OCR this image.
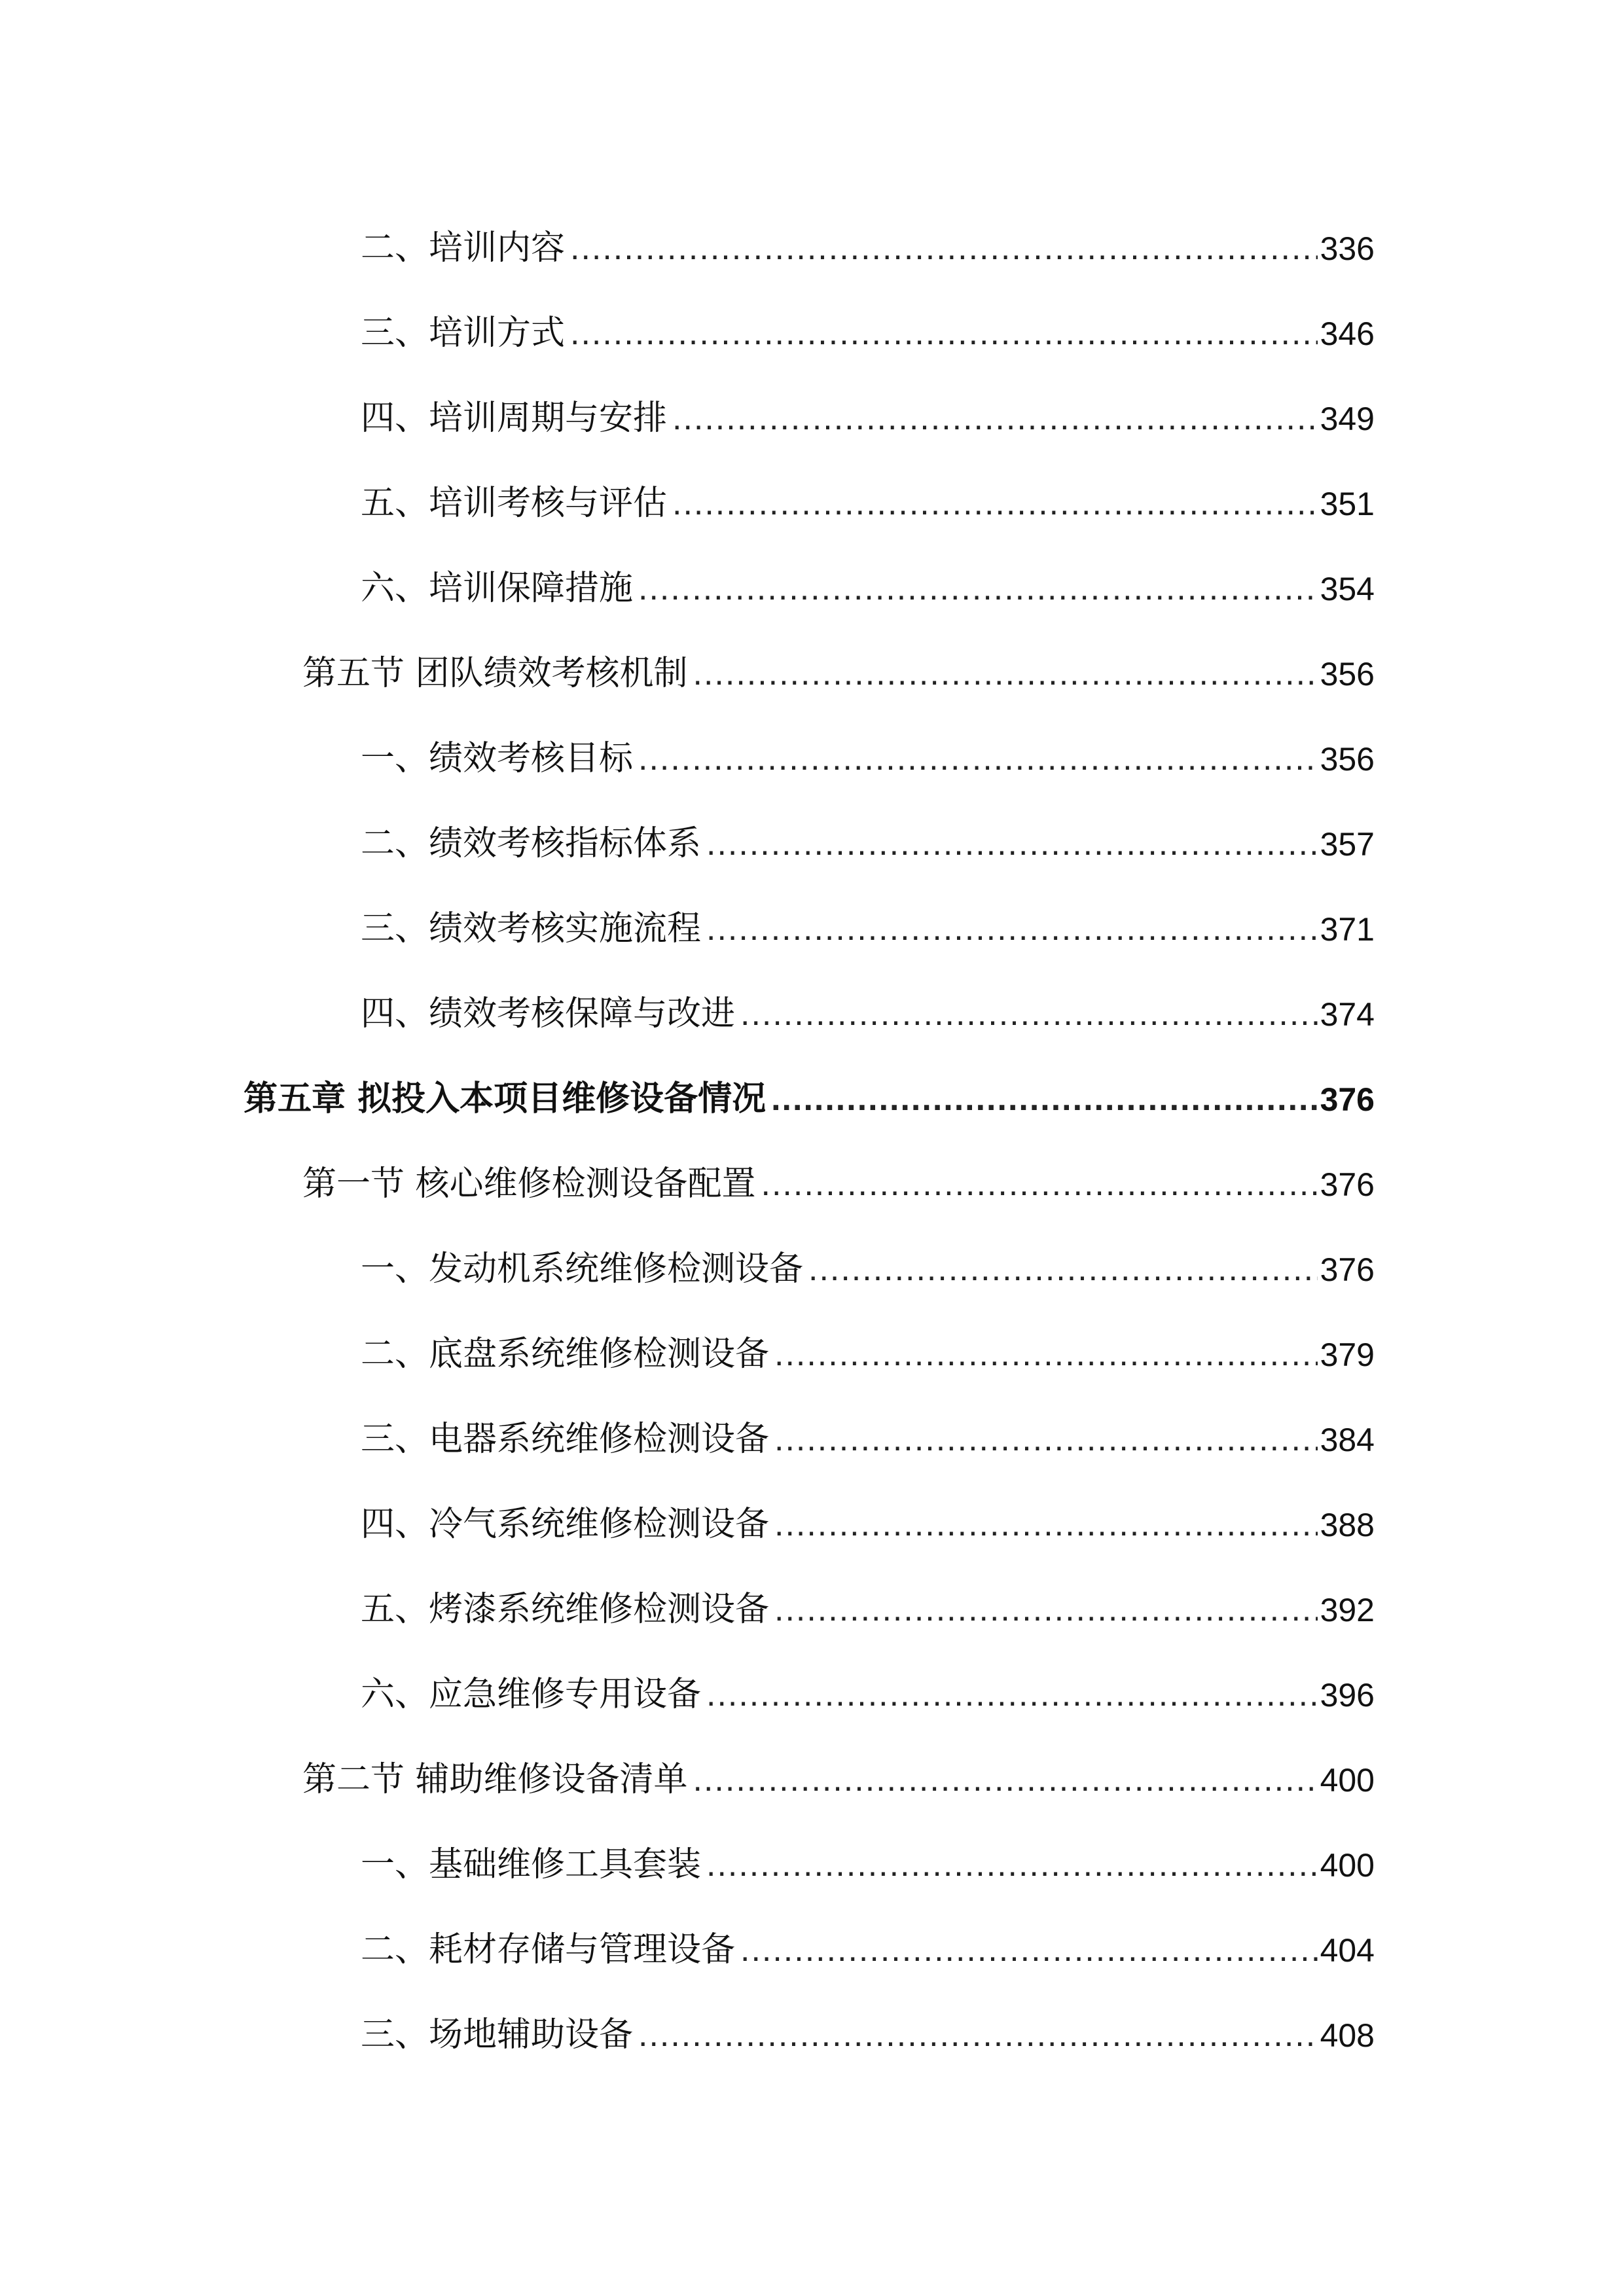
二、培训内容 .....	336
三、培训方式 .....	346
四、培训周期与安排 .....	349
五、培训考核与评估 .....	351
六、培训保障措施 .....	354
第五节 团队绩效考核机制 .....	356
一、绩效考核目标 .....	356
二、绩效考核指标体系 .....	357
三、绩效考核实施流程 .....	371
四、绩效考核保障与改进 .....	374
第五章 拟投入本项目维修设备情况 .....	376
第一节 核心维修检测设备配置 .....	376
一、发动机系统维修检测设备 .....	376
二、底盘系统维修检测设备 .....	379
三、电器系统维修检测设备 .....	384
四、冷气系统维修检测设备 .....	388
五、烤漆系统维修检测设备 .....	392
六、应急维修专用设备 .....	396
第二节 辅助维修设备清单 .....	400
一、基础维修工具套装 .....	400
二、耗材存储与管理设备 .....	404
三、场地辅助设备 .....	408
